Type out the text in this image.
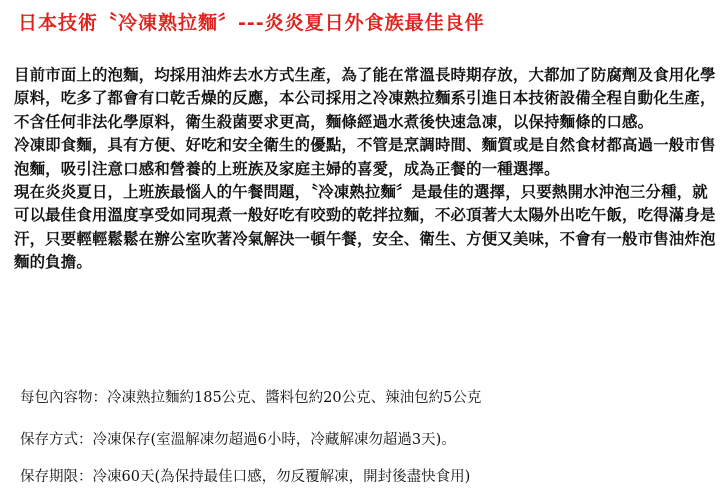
日本技術〝冷凍熟拉麵〞---炎炎夏日外食族最佳良伴

目前市面上的泡麵，均採用油炸去水方式生產，為了能在常溫長時期存放，大都加了防腐劑及食用化學原料，吃多了都會有口乾舌燥的反應，本公司採用之冷凍熟拉麵系引進日本技術設備全程自動化生產，不含任何非法化學原料，衛生殺菌要求更高，麵條經過水煮後快速急凍，以保持麵條的口感。

冷凍即食麵，具有方便、好吃和安全衛生的優點，不管是烹調時間、麵質或是自然食材都高過一般市售泡麵，吸引注意口感和營養的上班族及家庭主婦的喜愛，成為正餐的一種選擇。

現在炎炎夏日，上班族最惱人的午餐問題，〝冷凍熟拉麵〞是最佳的選擇，只要熱開水沖泡三分種，就可以最佳食用溫度享受如同現煮一般好吃有咬勁的乾拌拉麵，不必頂著大太陽外出吃午飯，吃得滿身是汗，只要輕輕鬆鬆在辦公室吹著冷氣解決一頓午餐，安全、衛生、方便又美味，不會有一般市售油炸泡麵的負擔。

每包內容物：冷凍熟拉麵約185公克、醬料包約20公克、辣油包約5公克

保存方式：冷凍保存(室溫解凍勿超過6小時，冷藏解凍勿超過3天)。

保存期限：冷凍60天(為保持最佳口感，勿反覆解凍，開封後盡快食用)
